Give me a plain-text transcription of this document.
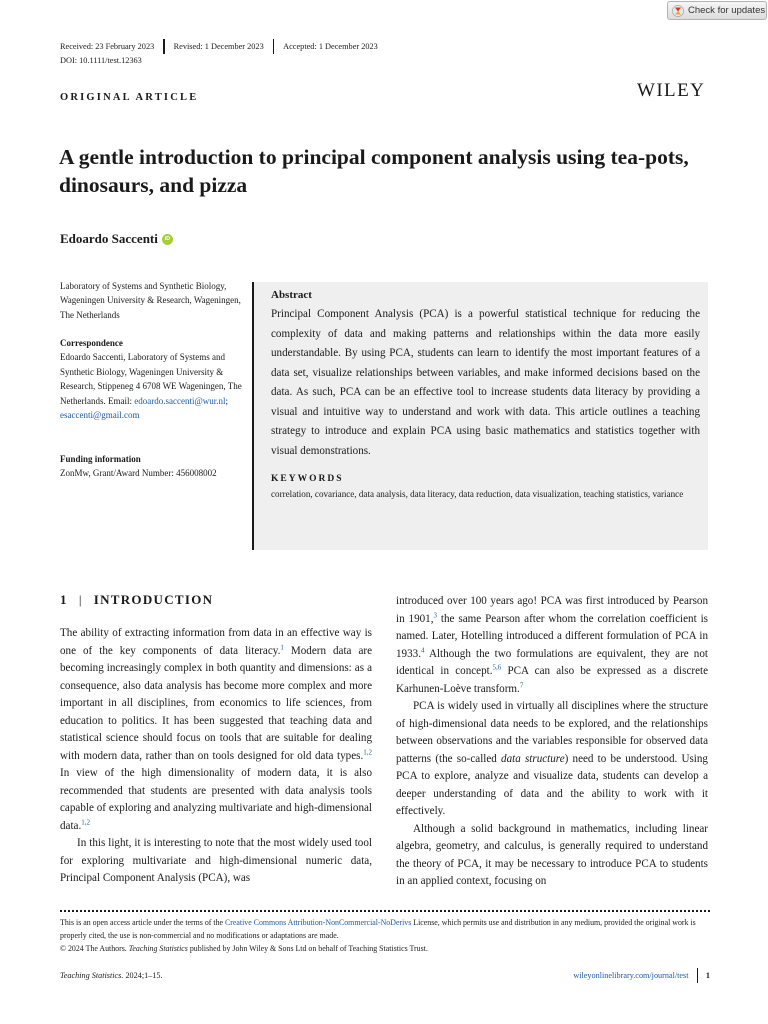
Check for updates
Received: 23 February 2023	Revised: 1 December 2023	Accepted: 1 December 2023
DOI: 10.1111/test.12363
ORIGINAL ARTICLE	WILEY
A gentle introduction to principal component analysis using tea-pots, dinosaurs, and pizza
Edoardo Saccenti
iD
Laboratory of Systems and Synthetic Biology, Wageningen University & Research, Wageningen, The Netherlands
Correspondence
Edoardo Saccenti, Laboratory of Systems and Synthetic Biology, Wageningen University & Research, Stippeneg 4 6708 WE Wageningen, The Netherlands. Email: edoardo.saccenti@wur.nl; esaccenti@gmail.com
Funding information
ZonMw, Grant/Award Number: 456008002
Abstract
Principal Component Analysis (PCA) is a powerful statistical technique for reducing the complexity of data and making patterns and relationships within the data more easily understandable. By using PCA, students can learn to identify the most important features of a data set, visualize relationships between variables, and make informed decisions based on the data. As such, PCA can be an effective tool to increase students data literacy by providing a visual and intuitive way to understand and work with data. This article outlines a teaching strategy to introduce and explain PCA using basic mathematics and statistics together with visual demonstrations.
KEYWORDS
correlation, covariance, data analysis, data literacy, data reduction, data visualization, teaching statistics, variance
1 | INTRODUCTION

The ability of extracting information from data in an effective way is one of the key components of data literacy.$^1$ Modern data are becoming increasingly complex in both quantity and dimensions: as a consequence, also data analysis has become more complex and more important in all disciplines, from economics to life sciences, from education to politics. It has been suggested that teaching data and statistical science should focus on tools that are suitable for dealing with modern data, rather than on tools designed for old data types.$^{1,2}$ In view of the high dimensionality of modern data, it is also recommended that students are presented with data analysis tools capable of exploring and analyzing multivariate and high-dimensional data.$^{1,2}$

In this light, it is interesting to note that the most widely used tool for exploring multivariate and high-dimensional numeric data, Principal Component Analysis (PCA), was

introduced over 100 years ago! PCA was first introduced by Pearson in 1901,$^3$ the same Pearson after whom the correlation coefficient is named. Later, Hotelling introduced a different formulation of PCA in 1933.$^4$ Although the two formulations are equivalent, they are not identical in concept.$^{5,6}$ PCA can also be expressed as a discrete Karhunen-Loève transform.$^7$

PCA is widely used in virtually all disciplines where the structure of high-dimensional data needs to be explored, and the relationships between observations and the variables responsible for observed data patterns (the so-called data structure) need to be understood. Using PCA to explore, analyze and visualize data, students can develop a deeper understanding of data and the ability to work with it effectively.

Although a solid background in mathematics, including linear algebra, geometry, and calculus, is generally required to understand the theory of PCA, it may be necessary to introduce PCA to students in an applied context, focusing on

This is an open access article under the terms of the Creative Commons Attribution-NonCommercial-NoDerivs License, which permits use and distribution in any medium, provided the original work is properly cited, the use is non-commercial and no modifications or adaptations are made.
© 2024 The Authors. Teaching Statistics published by John Wiley & Sons Ltd on behalf of Teaching Statistics Trust.
Teaching Statistics. 2024;1–15.	wileyonlinelibrary.com/journal/test 1
